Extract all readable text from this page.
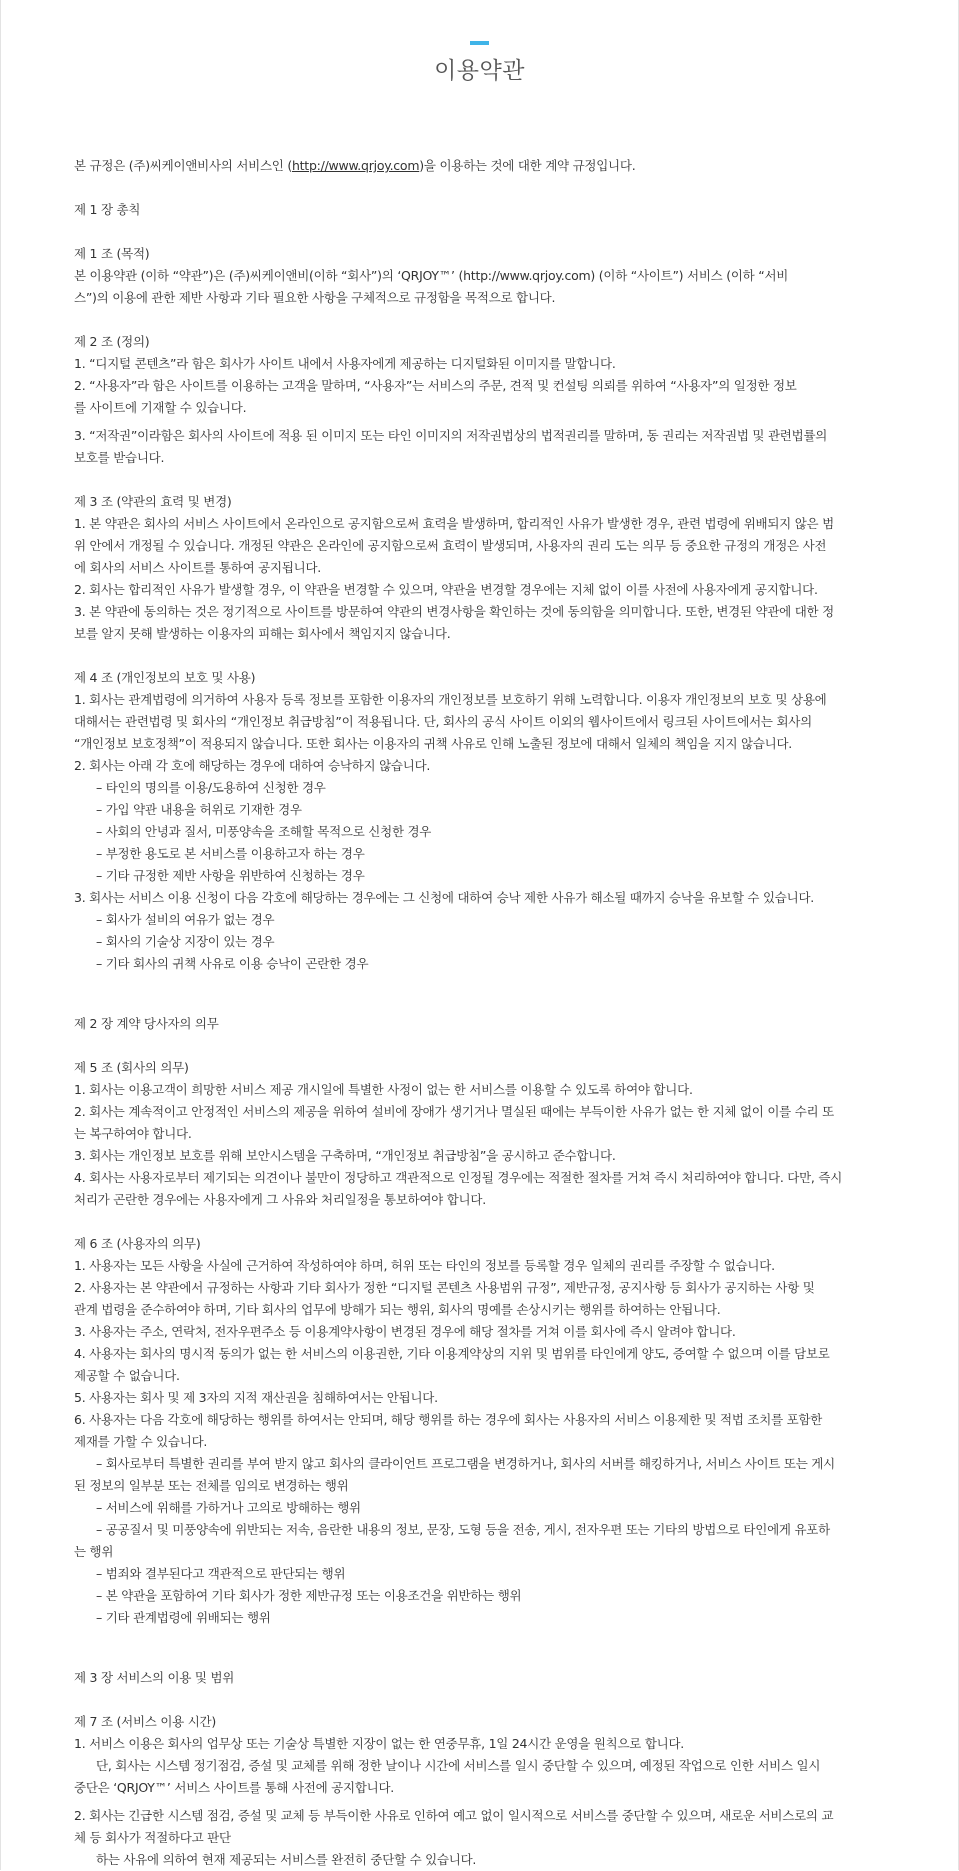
이용약관

본 규정은 (주)씨케이앤비사의 서비스인 (http://www.qrjoy.com)을 이용하는 것에 대한 계약 규정입니다.

제 1 장 총칙

제 1 조 (목적)

본 이용약관 (이하 “약관”)은 (주)씨케이앤비(이하 “회사”)의 ‘QRJOY™’ (http://www.qrjoy.com) (이하 “사이트”) 서비스 (이하 “서비

스”)의 이용에 관한 제반 사항과 기타 필요한 사항을 구체적으로 규정함을 목적으로 합니다.

제 2 조 (정의)

1. “디지털 콘텐츠”라 함은 회사가 사이트 내에서 사용자에게 제공하는 디지털화된 이미지를 말합니다.

2. “사용자”라 함은 사이트를 이용하는 고객을 말하며, “사용자”는 서비스의 주문, 견적 및 컨설팅 의뢰를 위하여 “사용자”의 일정한 정보

를 사이트에 기재할 수 있습니다.

3. “저작권”이라함은 회사의 사이트에 적용 된 이미지 또는 타인 이미지의 저작권법상의 법적권리를 말하며, 동 권리는 저작권법 및 관련법률의

보호를 받습니다.

제 3 조 (약관의 효력 및 변경)

1. 본 약관은 회사의 서비스 사이트에서 온라인으로 공지함으로써 효력을 발생하며, 합리적인 사유가 발생한 경우, 관련 법령에 위배되지 않은 범

위 안에서 개정될 수 있습니다. 개정된 약관은 온라인에 공지함으로써 효력이 발생되며, 사용자의 권리 도는 의무 등 중요한 규정의 개정은 사전

에 회사의 서비스 사이트를 통하여 공지됩니다.

2. 회사는 합리적인 사유가 발생할 경우, 이 약관을 변경할 수 있으며, 약관을 변경할 경우에는 지체 없이 이를 사전에 사용자에게 공지합니다.

3. 본 약관에 동의하는 것은 정기적으로 사이트를 방문하여 약관의 변경사항을 확인하는 것에 동의함을 의미합니다. 또한, 변경된 약관에 대한 정

보를 알지 못해 발생하는 이용자의 피해는 회사에서 책임지지 않습니다.

제 4 조 (개인정보의 보호 및 사용)

1. 회사는 관계법령에 의거하여 사용자 등록 정보를 포함한 이용자의 개인정보를 보호하기 위해 노력합니다. 이용자 개인정보의 보호 및 상용에

대해서는 관련법령 및 회사의 “개인정보 취급방침”이 적용됩니다. 단, 회사의 공식 사이트 이외의 웹사이트에서 링크된 사이트에서는 회사의

“개인정보 보호정책”이 적용되지 않습니다. 또한 회사는 이용자의 귀책 사유로 인해 노출된 정보에 대해서 일체의 책임을 지지 않습니다.

2. 회사는 아래 각 호에 해당하는 경우에 대하여 승낙하지 않습니다.

– 타인의 명의를 이용/도용하여 신청한 경우

– 가입 약관 내용을 허위로 기재한 경우

– 사회의 안녕과 질서, 미풍양속을 조해할 목적으로 신청한 경우

– 부정한 용도로 본 서비스를 이용하고자 하는 경우

– 기타 규정한 제반 사항을 위반하여 신청하는 경우

3. 회사는 서비스 이용 신청이 다음 각호에 해당하는 경우에는 그 신청에 대하여 승낙 제한 사유가 해소될 때까지 승낙을 유보할 수 있습니다.

– 회사가 설비의 여유가 없는 경우

– 회사의 기술상 지장이 있는 경우

– 기타 회사의 귀책 사유로 이용 승낙이 곤란한 경우

제 2 장 계약 당사자의 의무

제 5 조 (회사의 의무)

1. 회사는 이용고객이 희망한 서비스 제공 개시일에 특별한 사정이 없는 한 서비스를 이용할 수 있도록 하여야 합니다.

2. 회사는 계속적이고 안정적인 서비스의 제공을 위하여 설비에 장애가 생기거나 멸실된 때에는 부득이한 사유가 없는 한 지체 없이 이를 수리 또

는 복구하여야 합니다.

3. 회사는 개인정보 보호를 위해 보안시스템을 구축하며, “개인정보 취급방침”을 공시하고 준수합니다.

4. 회사는 사용자로부터 제기되는 의견이나 불만이 정당하고 객관적으로 인정될 경우에는 적절한 절차를 거쳐 즉시 처리하여야 합니다. 다만, 즉시

처리가 곤란한 경우에는 사용자에게 그 사유와 처리일정을 통보하여야 합니다.

제 6 조 (사용자의 의무)

1. 사용자는 모든 사항을 사실에 근거하여 작성하여야 하며, 허위 또는 타인의 정보를 등록할 경우 일체의 권리를 주장할 수 없습니다.

2. 사용자는 본 약관에서 규정하는 사항과 기타 회사가 정한 “디지털 콘텐츠 사용범위 규정”, 제반규정, 공지사항 등 회사가 공지하는 사항 및

관계 법령을 준수하여야 하며, 기타 회사의 업무에 방해가 되는 행위, 회사의 명예를 손상시키는 행위를 하여하는 안됩니다.

3. 사용자는 주소, 연락처, 전자우편주소 등 이용계약사항이 변경된 경우에 해당 절차를 거쳐 이를 회사에 즉시 알려야 합니다.

4. 사용자는 회사의 명시적 동의가 없는 한 서비스의 이용권한, 기타 이용계약상의 지위 및 범위를 타인에게 양도, 증여할 수 없으며 이를 담보로

제공할 수 없습니다.

5. 사용자는 회사 및 제 3자의 지적 재산권을 침해하여서는 안됩니다.

6. 사용자는 다음 각호에 해당하는 행위를 하여서는 안되며, 해당 행위를 하는 경우에 회사는 사용자의 서비스 이용제한 및 적법 조치를 포함한

제재를 가할 수 있습니다.

– 회사로부터 특별한 권리를 부여 받지 않고 회사의 클라이언트 프로그램을 변경하거나, 회사의 서버를 해킹하거나, 서비스 사이트 또는 게시

된 정보의 일부분 또는 전체를 임의로 변경하는 행위

– 서비스에 위해를 가하거나 고의로 방해하는 행위

– 공공질서 및 미풍양속에 위반되는 저속, 음란한 내용의 정보, 문장, 도형 등을 전송, 게시, 전자우편 또는 기타의 방법으로 타인에게 유포하

는 행위

– 범죄와 결부된다고 객관적으로 판단되는 행위

– 본 약관을 포함하여 기타 회사가 정한 제반규정 또는 이용조건을 위반하는 행위

– 기타 관계법령에 위배되는 행위

제 3 장 서비스의 이용 및 범위

제 7 조 (서비스 이용 시간)

1. 서비스 이용은 회사의 업무상 또는 기술상 특별한 지장이 없는 한 연중무휴, 1일 24시간 운영을 원칙으로 합니다.

단, 회사는 시스템 정기점검, 증설 및 교체를 위해 정한 날이나 시간에 서비스를 일시 중단할 수 있으며, 예정된 작업으로 인한 서비스 일시

중단은 ‘QRJOY™’ 서비스 사이트를 통해 사전에 공지합니다.

2. 회사는 긴급한 시스템 점검, 증설 및 교체 등 부득이한 사유로 인하여 예고 없이 일시적으로 서비스를 중단할 수 있으며, 새로운 서비스로의 교

체 등 회사가 적절하다고 판단

하는 사유에 의하여 현재 제공되는 서비스를 완전히 중단할 수 있습니다.
